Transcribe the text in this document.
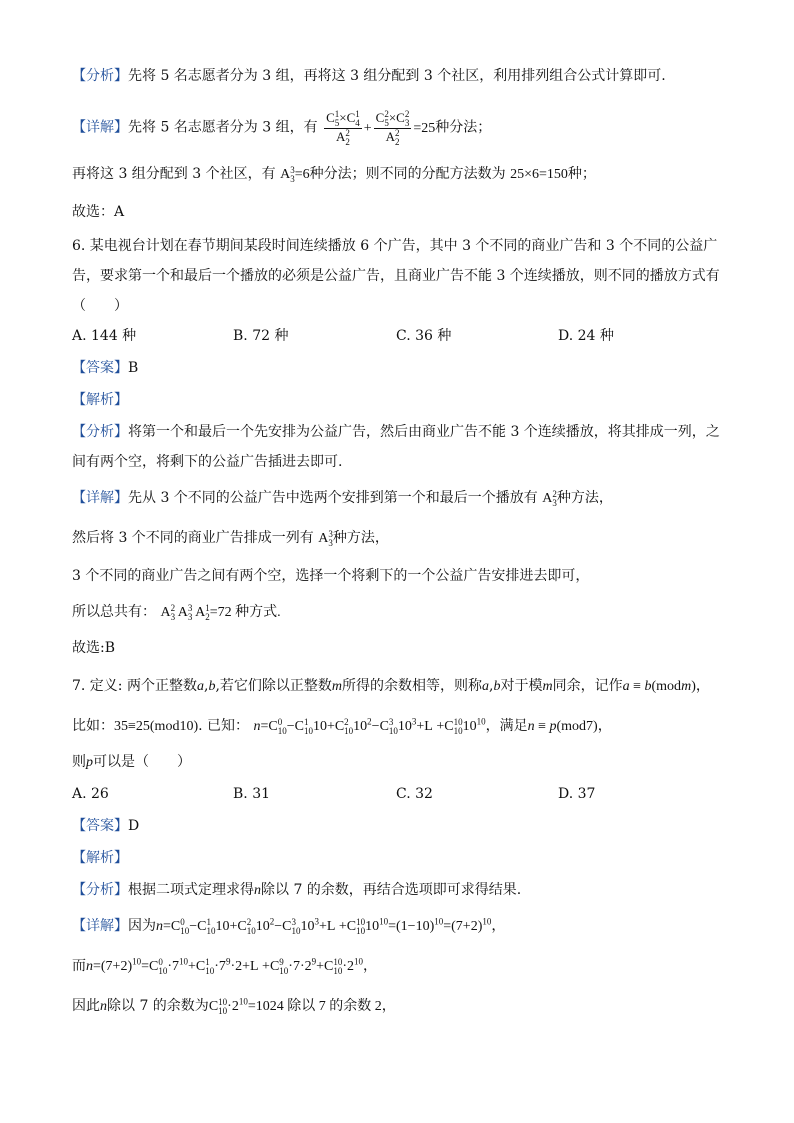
【分析】先将 5 名志愿者分为 3 组，再将这 3 组分配到 3 个社区，利用排列组合公式计算即可.
【详解】先将 5 名志愿者分为 3 组，有 C 1
5 ×C 1
4
A 2
2 + C 2
5 ×C 2
3
A 2
2 =25种分法；
再将这 3 组分配到 3 个社区，有 A 3
3 =6种分法；则不同的分配方法数为 25×6=150种；
故选：A
6. 某电视台计划在春节期间某段时间连续播放 6 个广告，其中 3 个不同的商业广告和 3 个不同的公益广
告，要求第一个和最后一个播放的必须是公益广告，且商业广告不能 3 个连续播放，则不同的播放方式有
（　　）
A. 144 种	B. 72 种	C. 36 种	D. 24 种
【答案】B
【解析】
【分析】将第一个和最后一个先安排为公益广告，然后由商业广告不能 3 个连续播放，将其排成一列，之
间有两个空，将剩下的公益广告插进去即可.
【详解】先从 3 个不同的公益广告中选两个安排到第一个和最后一个播放有 A 2
3 种方法，
然后将 3 个不同的商业广告排成一列有 A 3
3 种方法，
3 个不同的商业广告之间有两个空，选择一个将剩下的一个公益广告安排进去即可，
所以总共有： A 2
3 A 3
3 A 1
2 =72 种方式.
故选:B
7. 定义: 两个正整数a,b,若它们除以正整数m所得的余数相等，则称a,b对于模m同余，记作a ≡ b(modm)，
比如：35≡25(mod10). 已知： n=C 0
10 −C 1
10 10+C 2
10 $10^2-C$ 3
10 $10^3+L +C$ 10
10 $10^{10}$，满足n ≡ p(mod7)，
则p可以是（　　）
A. 26	B. 31	C. 32	D. 37
【答案】D
【解析】
【分析】根据二项式定理求得n除以 7 的余数，再结合选项即可求得结果.
【详解】因为n=C 0
10 −C 1
10 10+C 2
10 $10^2-C$ 3
10 $10^3+L +C$ 10
10 $10^{10}=(1-10)^{10}=(7+2)^{10}$，
而$n=(7+2)^{10}=C$ 0
$10 \cdot 7^{10}+C$ 1
$10 \cdot 7^9\cdot 2+L +C$ 9
$10 \cdot 7\cdot 2^9+C$ 10
$10 \cdot 2^{10}$，
因此n除以 7 的余数为C 10
$10 \cdot 2^{10}=1024$ 除以 7 的余数 2，
